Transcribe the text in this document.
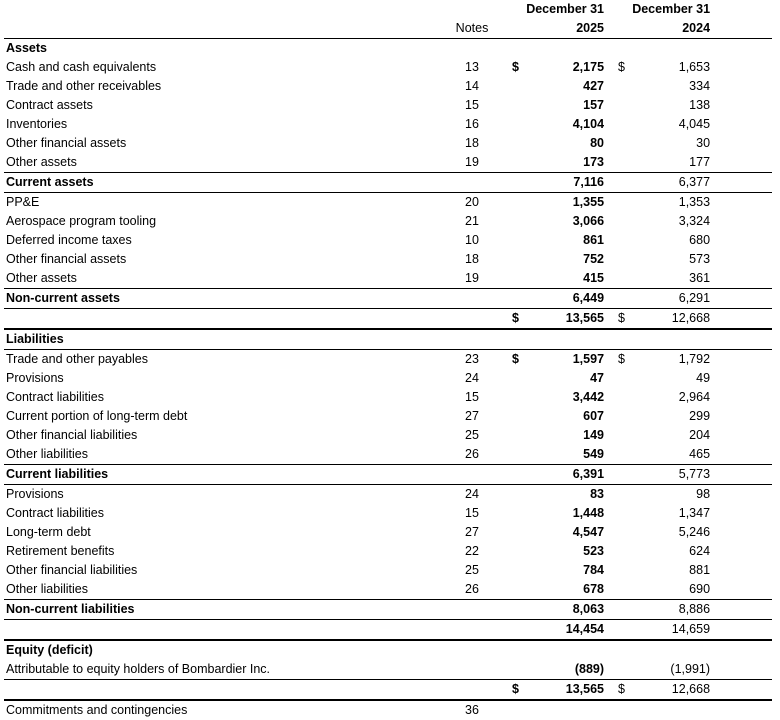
		December 31		December 31		
	Notes	2025		2024		
Assets						
Cash and cash equivalents	13	$	2,175	$	1,653	
Trade and other receivables	14		427		334	
Contract assets	15		157		138	
Inventories	16		4,104		4,045	
Other financial assets	18		80		30	
Other assets	19		173		177	
Current assets			7,116		6,377	
PP&E	20		1,355		1,353	
Aerospace program tooling	21		3,066		3,324	
Deferred income taxes	10		861		680	
Other financial assets	18		752		573	
Other assets	19		415		361	
Non-current assets			6,449		6,291	
		$	13,565	$	12,668	
Liabilities						
Trade and other payables	23	$	1,597	$	1,792	
Provisions	24		47		49	
Contract liabilities	15		3,442		2,964	
Current portion of long-term debt	27		607		299	
Other financial liabilities	25		149		204	
Other liabilities	26		549		465	
Current liabilities			6,391		5,773	
Provisions	24		83		98	
Contract liabilities	15		1,448		1,347	
Long-term debt	27		4,547		5,246	
Retirement benefits	22		523		624	
Other financial liabilities	25		784		881	
Other liabilities	26		678		690	
Non-current liabilities			8,063		8,886	
			14,454		14,659	
Equity (deficit)						
Attributable to equity holders of Bombardier Inc.			(889)		(1,991)	
		$	13,565	$	12,668	
Commitments and contingencies	36					
